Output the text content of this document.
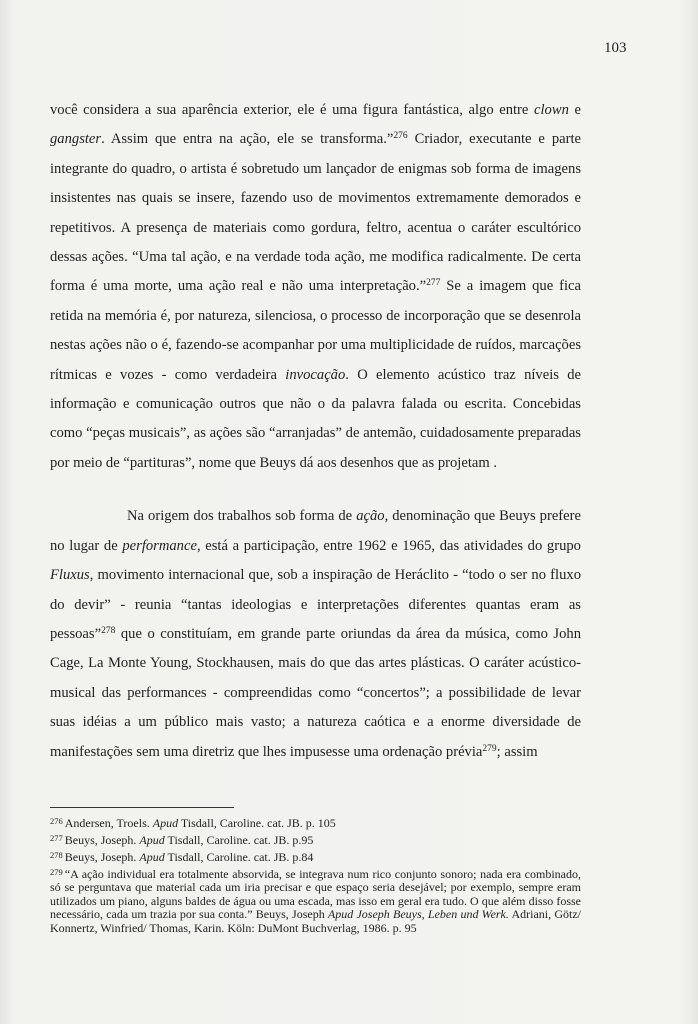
103

você considera a sua aparência exterior, ele é uma figura fantástica, algo entre clown e gangster. Assim que entra na ação, ele se transforma.”$^{276}$ Criador, executante e parte integrante do quadro, o artista é sobretudo um lançador de enigmas sob forma de imagens insistentes nas quais se insere, fazendo uso de movimentos extremamente demorados e repetitivos. A presença de materiais como gordura, feltro, acentua o caráter escultórico dessas ações. “Uma tal ação, e na verdade toda ação, me modifica radicalmente. De certa forma é uma morte, uma ação real e não uma interpretação.”$^{277}$ Se a imagem que fica retida na memória é, por natureza, silenciosa, o processo de incorporação que se desenrola nestas ações não o é, fazendo-se acompanhar por uma multiplicidade de ruídos, marcações rítmicas e vozes - como verdadeira invocação. O elemento acústico traz níveis de informação e comunicação outros que não o da palavra falada ou escrita. Concebidas como “peças musicais”, as ações são “arranjadas” de antemão, cuidadosamente preparadas por meio de “partituras”, nome que Beuys dá aos desenhos que as projetam .

Na origem dos trabalhos sob forma de ação, denominação que Beuys prefere no lugar de performance, está a participação, entre 1962 e 1965, das atividades do grupo Fluxus, movimento internacional que, sob a inspiração de Heráclito - “todo o ser no fluxo do devir” - reunia “tantas ideologias e interpretações diferentes quantas eram as pessoas”$^{278}$ que o constituíam, em grande parte oriundas da área da música, como John Cage, La Monte Young, Stockhausen, mais do que das artes plásticas. O caráter acústico-musical das performances - compreendidas como “concertos”; a possibilidade de levar suas idéias a um público mais vasto; a natureza caótica e a enorme diversidade de manifestações sem uma diretriz que lhes impusesse uma ordenação prévia$^{279}$; assim

$^{276}$ Andersen, Troels. Apud Tisdall, Caroline. cat. JB. p. 105

$^{277}$ Beuys, Joseph. Apud Tisdall, Caroline. cat. JB. p.95

$^{278}$ Beuys, Joseph. Apud Tisdall, Caroline. cat. JB. p.84

$^{279}$ “A ação individual era totalmente absorvida, se integrava num rico conjunto sonoro; nada era combinado, só se perguntava que material cada um iria precisar e que espaço seria desejável; por exemplo, sempre eram utilizados um piano, alguns baldes de água ou uma escada, mas isso em geral era tudo. O que além disso fosse necessário, cada um trazia por sua conta.” Beuys, Joseph Apud Joseph Beuys, Leben und Werk. Adriani, Götz/ Konnertz, Winfried/ Thomas, Karin. Köln: DuMont Buchverlag, 1986. p. 95
